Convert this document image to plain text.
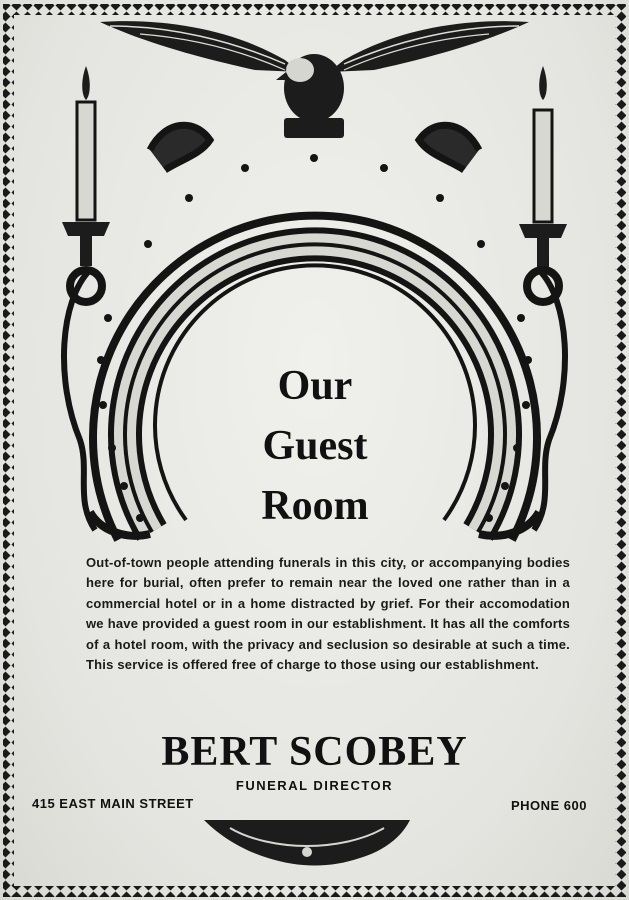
Our
Guest
Room
Out-of-town people attending funerals in this city, or accompanying bodies here for burial, often prefer to remain near the loved one rather than in a commercial hotel or in a home distracted by grief. For their accomodation we have provided a guest room in our establishment. It has all the comforts of a hotel room, with the privacy and seclusion so desirable at such a time. This service is offered free of charge to those using our establishment.
BERT SCOBEY
FUNERAL DIRECTOR
415 EAST MAIN STREET	PHONE 600
